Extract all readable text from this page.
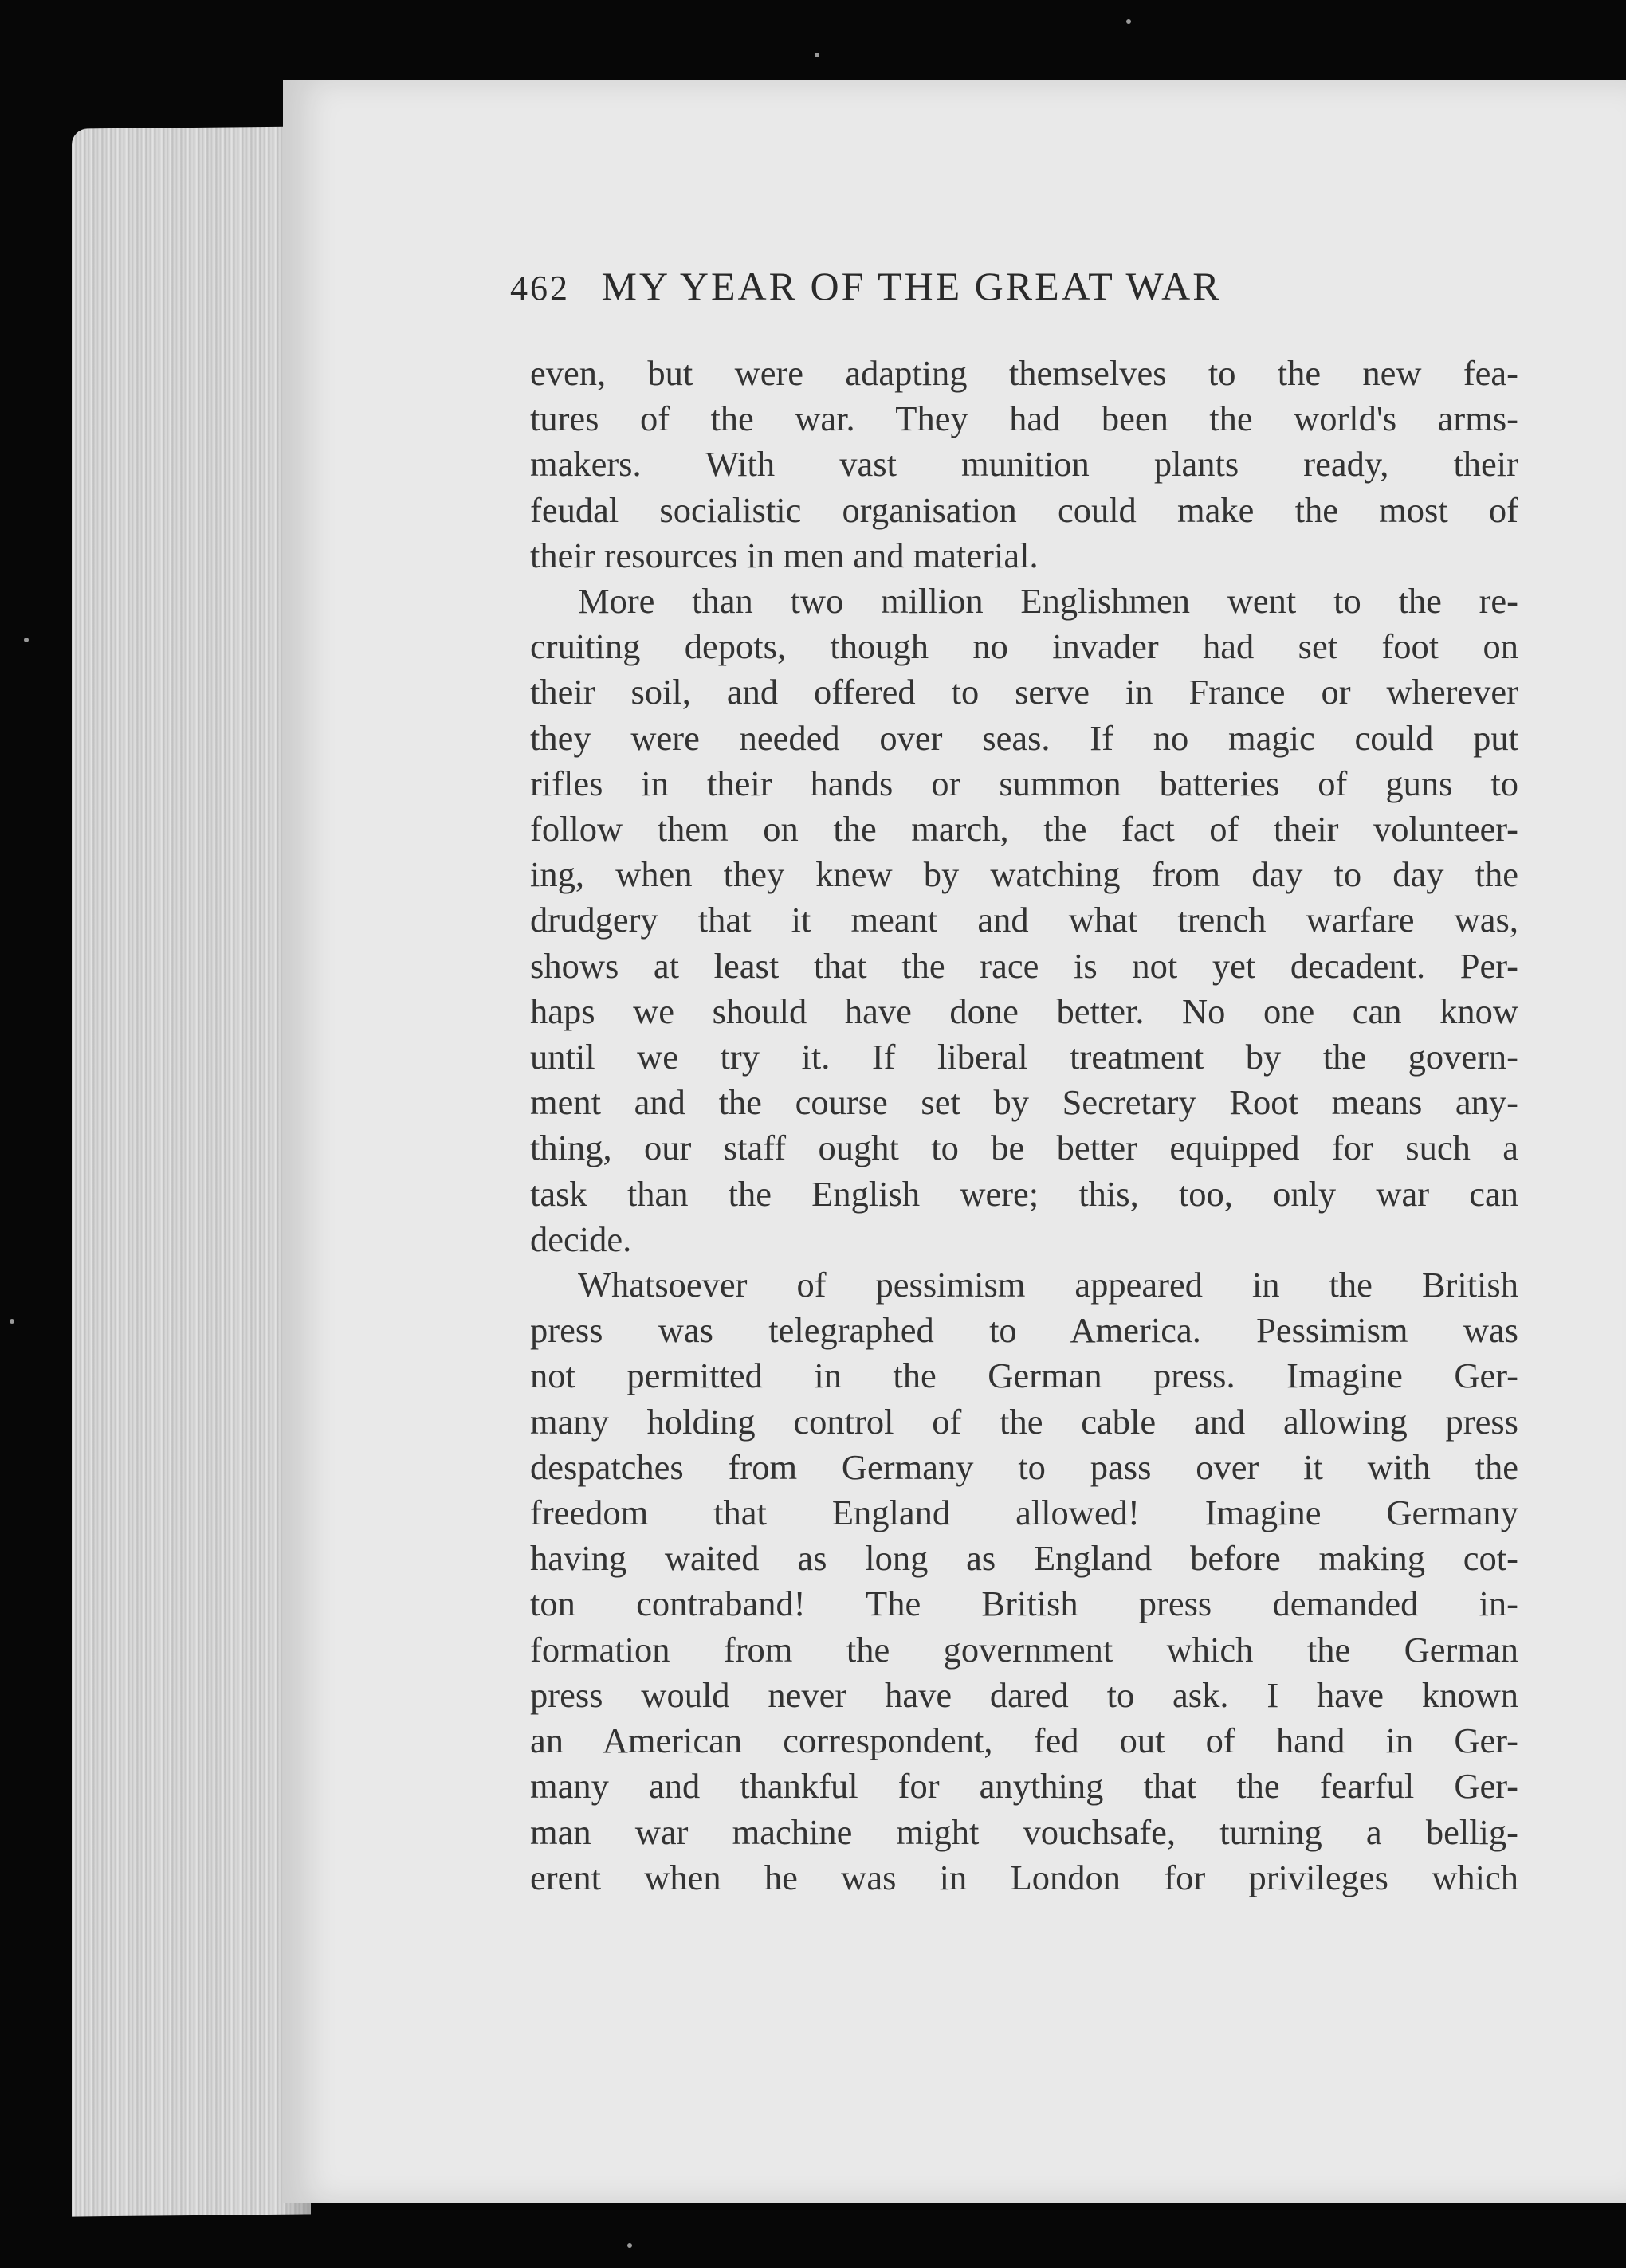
462 MY YEAR OF THE GREAT WAR
even, but were adapting themselves to the new fea-
tures of the war. They had been the world's arms-
makers. With vast munition plants ready, their
feudal socialistic organisation could make the most of
their resources in men and material.
More than two million Englishmen went to the re-
cruiting depots, though no invader had set foot on
their soil, and offered to serve in France or wherever
they were needed over seas. If no magic could put
rifles in their hands or summon batteries of guns to
follow them on the march, the fact of their volunteer-
ing, when they knew by watching from day to day the
drudgery that it meant and what trench warfare was,
shows at least that the race is not yet decadent. Per-
haps we should have done better. No one can know
until we try it. If liberal treatment by the govern-
ment and the course set by Secretary Root means any-
thing, our staff ought to be better equipped for such a
task than the English were; this, too, only war can
decide.
Whatsoever of pessimism appeared in the British
press was telegraphed to America. Pessimism was
not permitted in the German press. Imagine Ger-
many holding control of the cable and allowing press
despatches from Germany to pass over it with the
freedom that England allowed! Imagine Germany
having waited as long as England before making cot-
ton contraband! The British press demanded in-
formation from the government which the German
press would never have dared to ask. I have known
an American correspondent, fed out of hand in Ger-
many and thankful for anything that the fearful Ger-
man war machine might vouchsafe, turning a bellig-
erent when he was in London for privileges which
